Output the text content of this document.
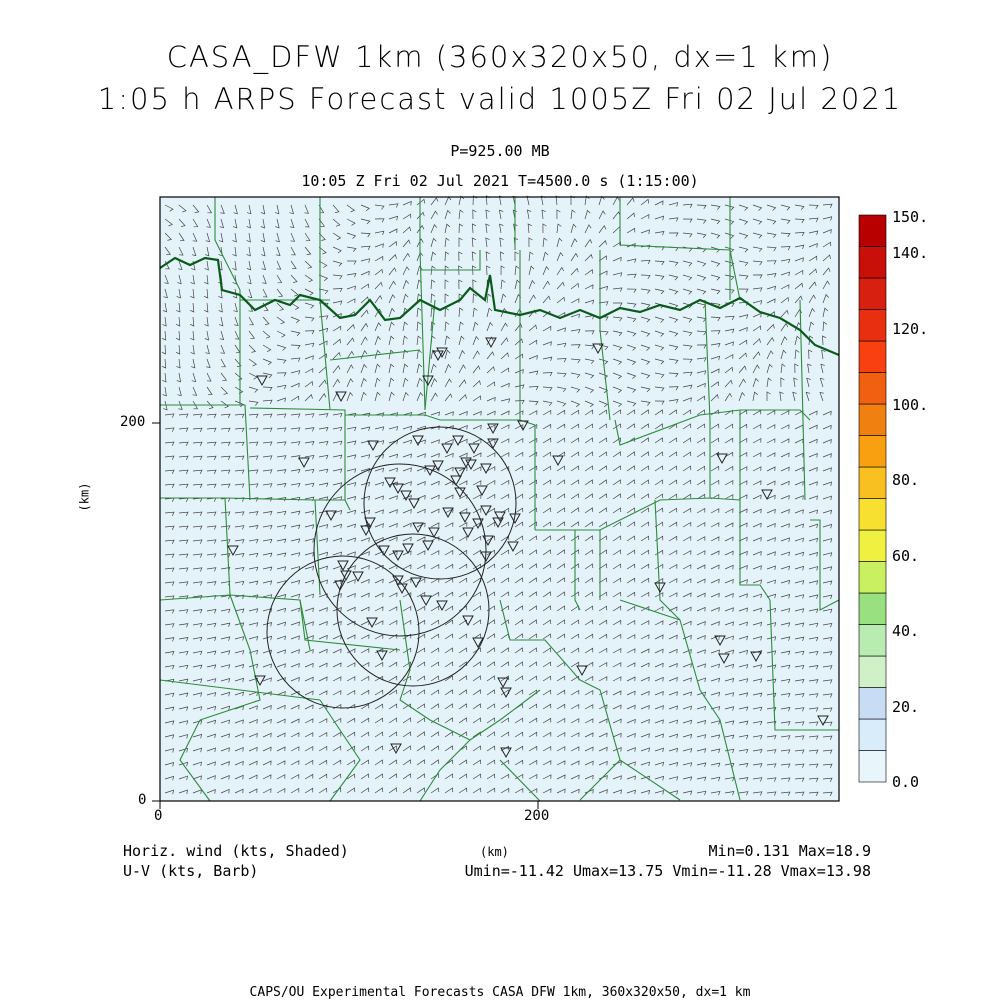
CASA_DFW 1km (360x320x50, dx=1 km)
1:05 h ARPS Forecast valid 1005Z Fri 02 Jul 2021
P=925.00 MB
10:05 Z Fri 02 Jul 2021 T=4500.0 s (1:15:00)
0	200
(km)
0
200
(km)
150.
140.
120.
100.
80.
60.
40.
20.
0.0
Horiz. wind (kts, Shaded)
U-V (kts, Barb)
Min=0.131 Max=18.9
Umin=-11.42 Umax=13.75 Vmin=-11.28 Vmax=13.98
CAPS/OU Experimental Forecasts CASA DFW 1km, 360x320x50, dx=1 km
